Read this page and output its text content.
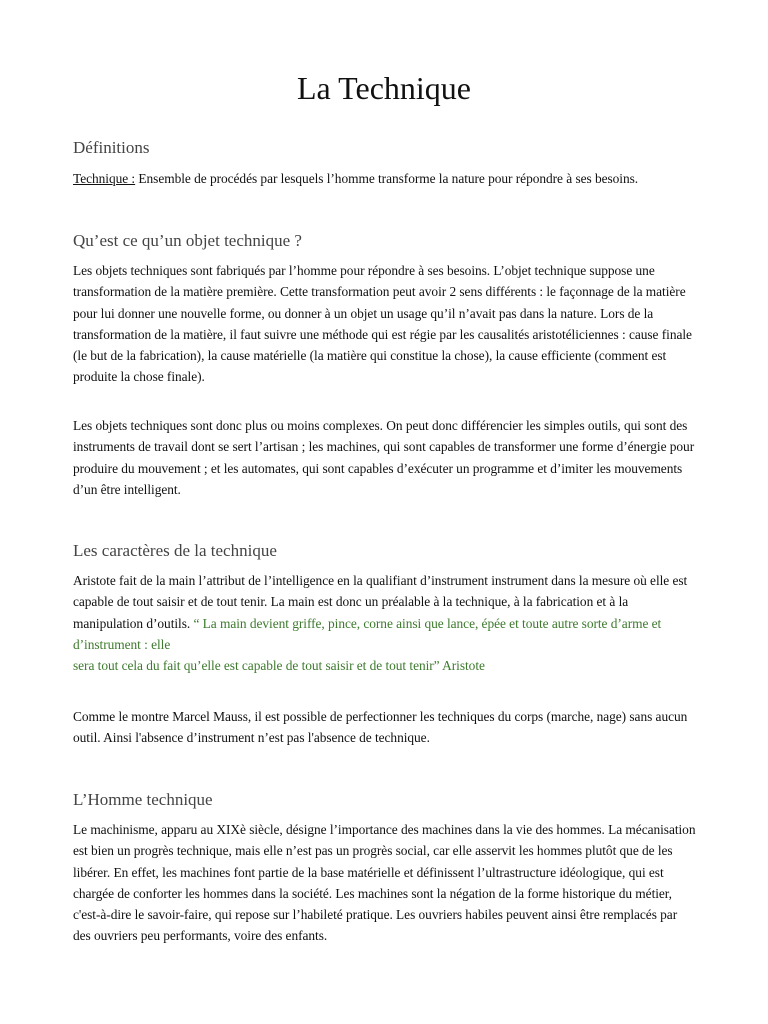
La Technique
Définitions

Technique : Ensemble de procédés par lesquels l’homme transforme la nature pour répondre à ses besoins.

Qu’est ce qu’un objet technique ?

Les objets techniques sont fabriqués par l’homme pour répondre à ses besoins. L’objet technique suppose une transformation de la matière première. Cette transformation peut avoir 2 sens différents : le façonnage de la matière pour lui donner une nouvelle forme, ou donner à un objet un usage qu’il n’avait pas dans la nature. Lors de la transformation de la matière, il faut suivre une méthode qui est régie par les causalités aristotéliciennes : cause finale (le but de la fabrication), la cause matérielle (la matière qui constitue la chose), la cause efficiente (comment est produite la chose finale).

Les objets techniques sont donc plus ou moins complexes. On peut donc différencier les simples outils, qui sont des instruments de travail dont se sert l’artisan ; les machines, qui sont capables de transformer une forme d’énergie pour produire du mouvement ; et les automates, qui sont capables d’exécuter un programme et d’imiter les mouvements d’un être intelligent.

Les caractères de la technique

Aristote fait de la main l’attribut de l’intelligence en la qualifiant d’instrument instrument dans la mesure où elle est capable de tout saisir et de tout tenir. La main est donc un préalable à la technique, à la fabrication et à la manipulation d’outils. “ La main devient griffe, pince, corne ainsi que lance, épée et toute autre sorte d’arme et d’instrument : elle
sera tout cela du fait qu’elle est capable de tout saisir et de tout tenir” Aristote

Comme le montre Marcel Mauss, il est possible de perfectionner les techniques du corps (marche, nage) sans aucun outil. Ainsi l'absence d’instrument n’est pas l'absence de technique.

L’Homme technique

Le machinisme, apparu au XIXè siècle, désigne l’importance des machines dans la vie des hommes. La mécanisation est bien un progrès technique, mais elle n’est pas un progrès social, car elle asservit les hommes plutôt que de les libérer. En effet, les machines font partie de la base matérielle et définissent l’ultrastructure idéologique, qui est chargée de conforter les hommes dans la société. Les machines sont la négation de la forme historique du métier, c'est-à-dire le savoir-faire, qui repose sur l’habileté pratique. Les ouvriers habiles peuvent ainsi être remplacés par des ouvriers peu performants, voire des enfants.
